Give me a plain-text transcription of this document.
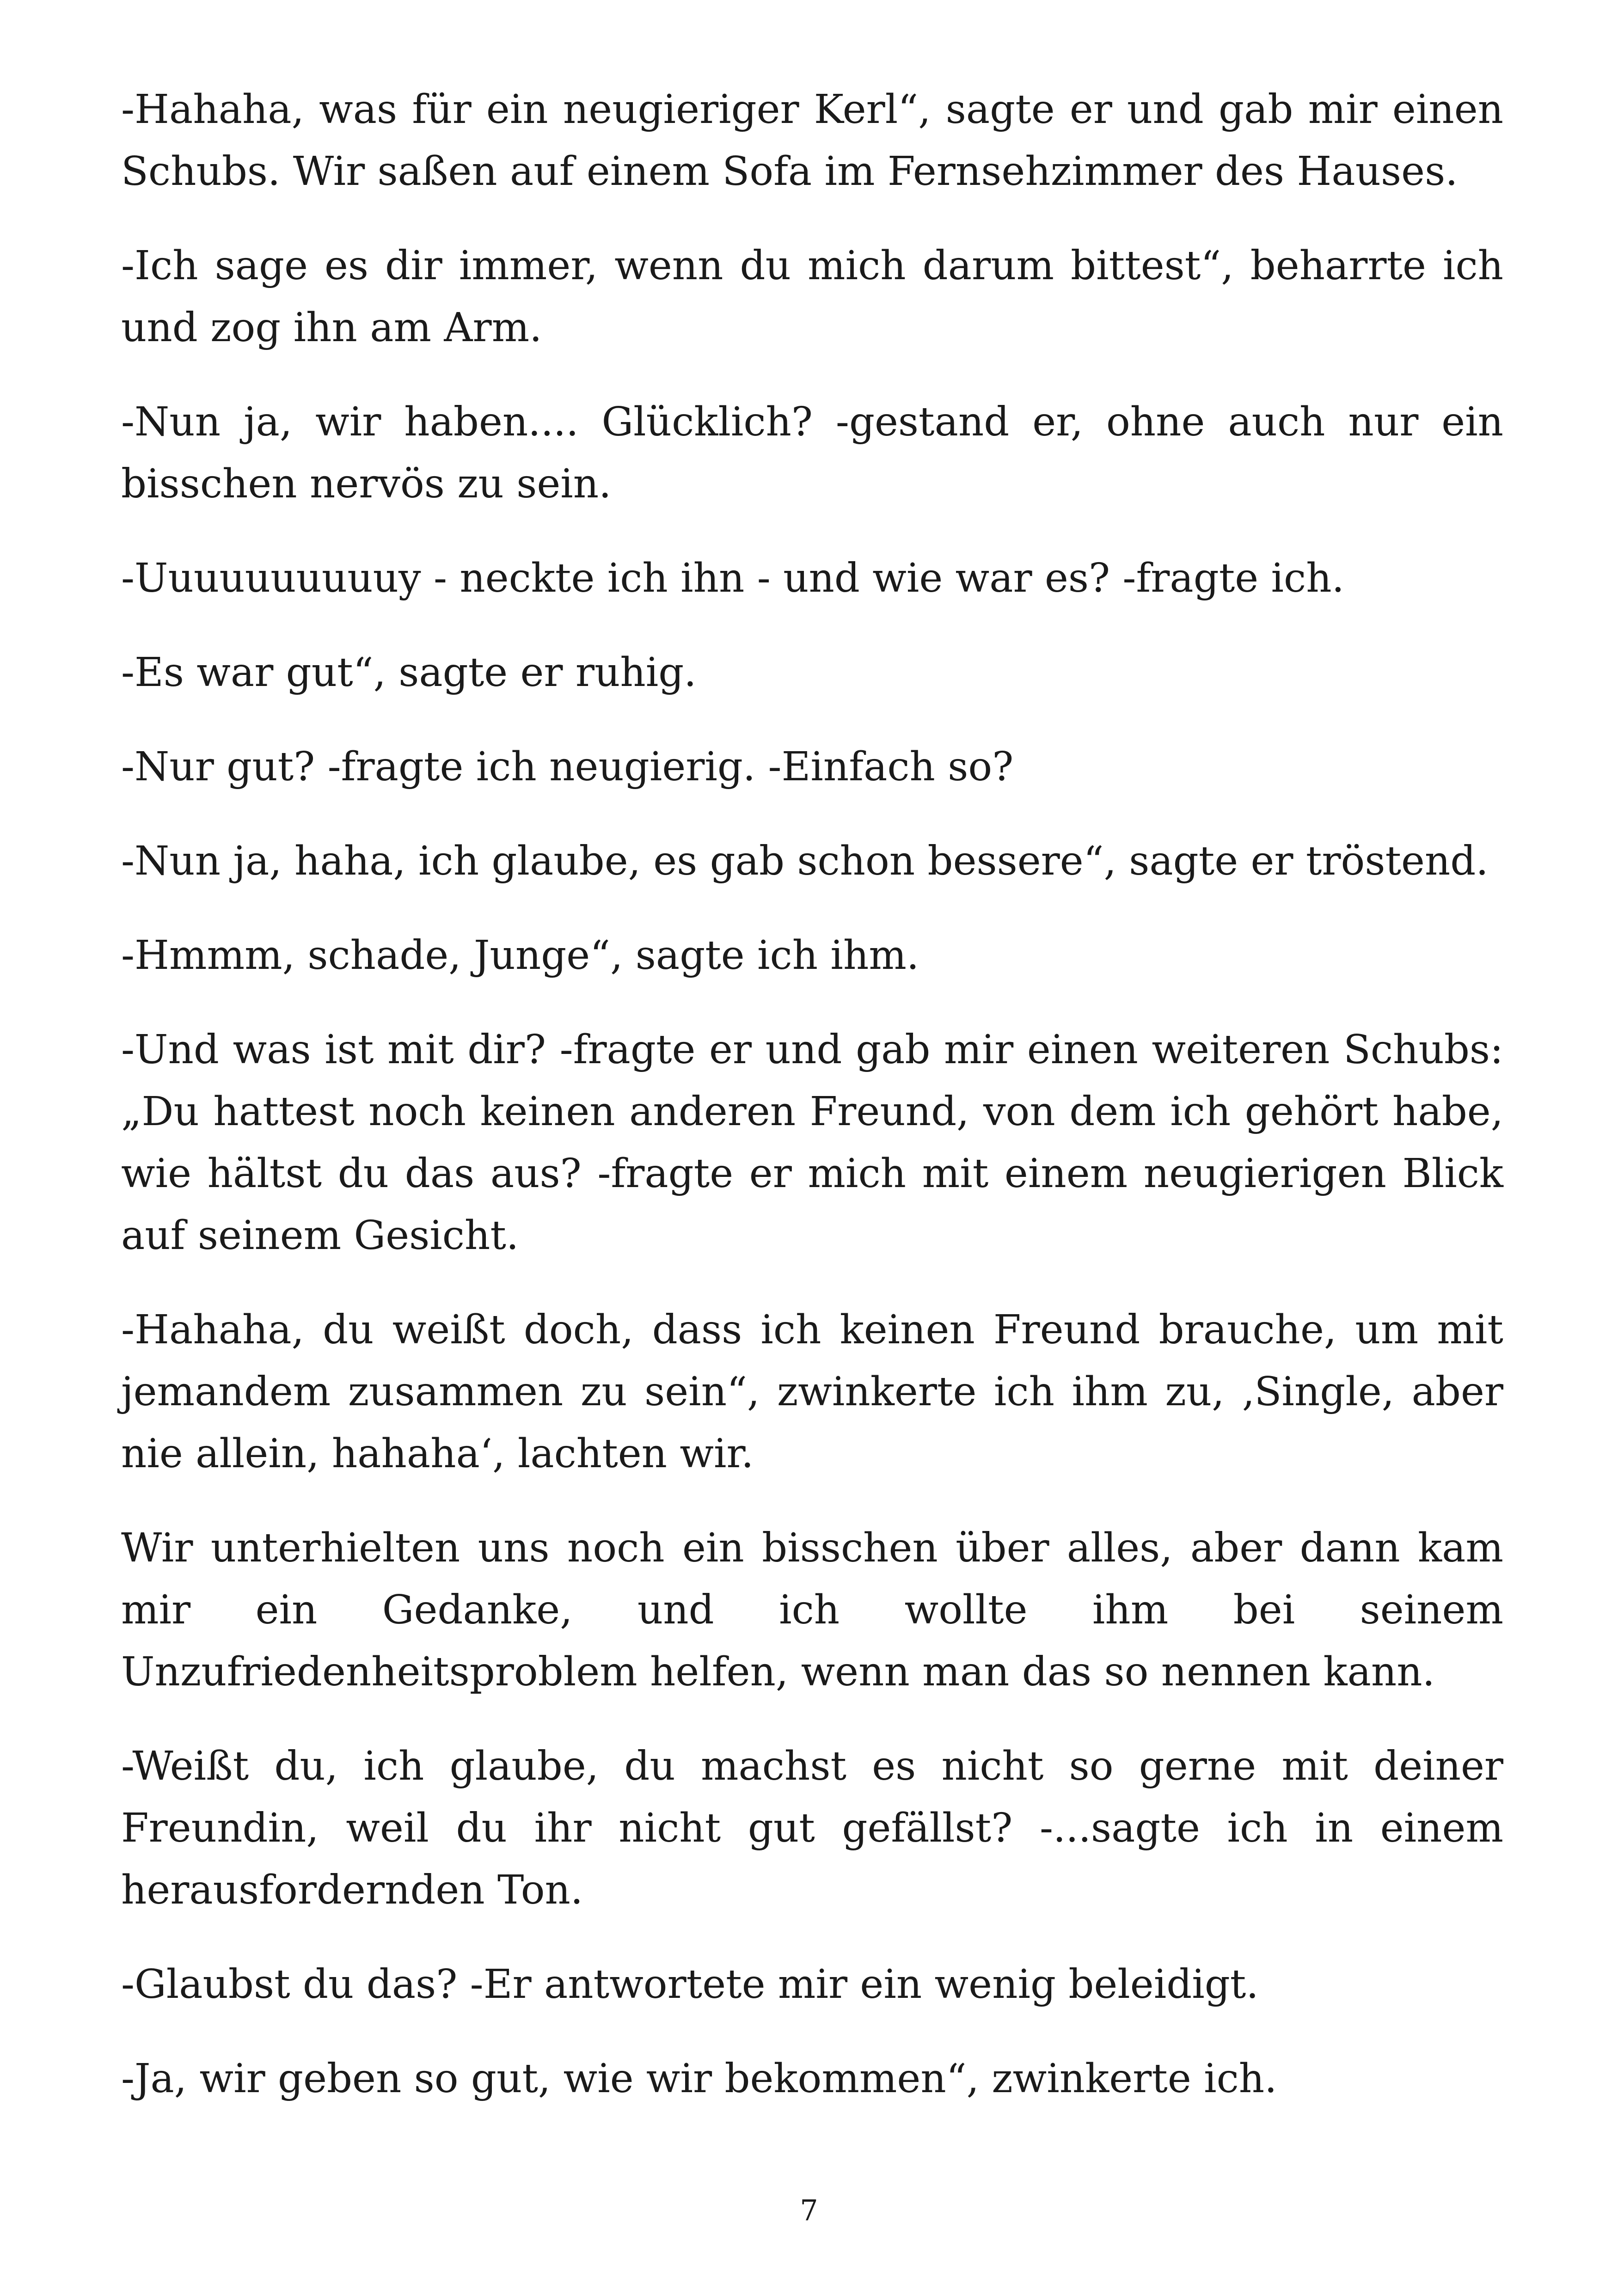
-Hahaha, was für ein neugieriger Kerl“, sagte er und gab mir einen Schubs. Wir saßen auf einem Sofa im Fernsehzimmer des Hauses.

-Ich sage es dir immer, wenn du mich darum bittest“, beharrte ich und zog ihn am Arm.

-Nun ja, wir haben.... Glücklich? -gestand er, ohne auch nur ein bisschen nervös zu sein.

-Uuuuuuuuuuy - neckte ich ihn - und wie war es? -fragte ich.

-Es war gut“, sagte er ruhig.

-Nur gut? -fragte ich neugierig. -Einfach so?

-Nun ja, haha, ich glaube, es gab schon bessere“, sagte er tröstend.

-Hmmm, schade, Junge“, sagte ich ihm.

-Und was ist mit dir? -fragte er und gab mir einen weiteren Schubs: „Du hattest noch keinen anderen Freund, von dem ich gehört habe, wie hältst du das aus? -fragte er mich mit einem neugierigen Blick auf seinem Gesicht.

-Hahaha, du weißt doch, dass ich keinen Freund brauche, um mit jemandem zusammen zu sein“, zwinkerte ich ihm zu, ‚Single, aber nie allein, hahaha‘, lachten wir.

Wir unterhielten uns noch ein bisschen über alles, aber dann kam mir ein Gedanke, und ich wollte ihm bei seinem Unzufriedenheitsproblem helfen, wenn man das so nennen kann.

-Weißt du, ich glaube, du machst es nicht so gerne mit deiner Freundin, weil du ihr nicht gut gefällst? -...sagte ich in einem herausfordernden Ton.

-Glaubst du das? -Er antwortete mir ein wenig beleidigt.

-Ja, wir geben so gut, wie wir bekommen“, zwinkerte ich.

7
